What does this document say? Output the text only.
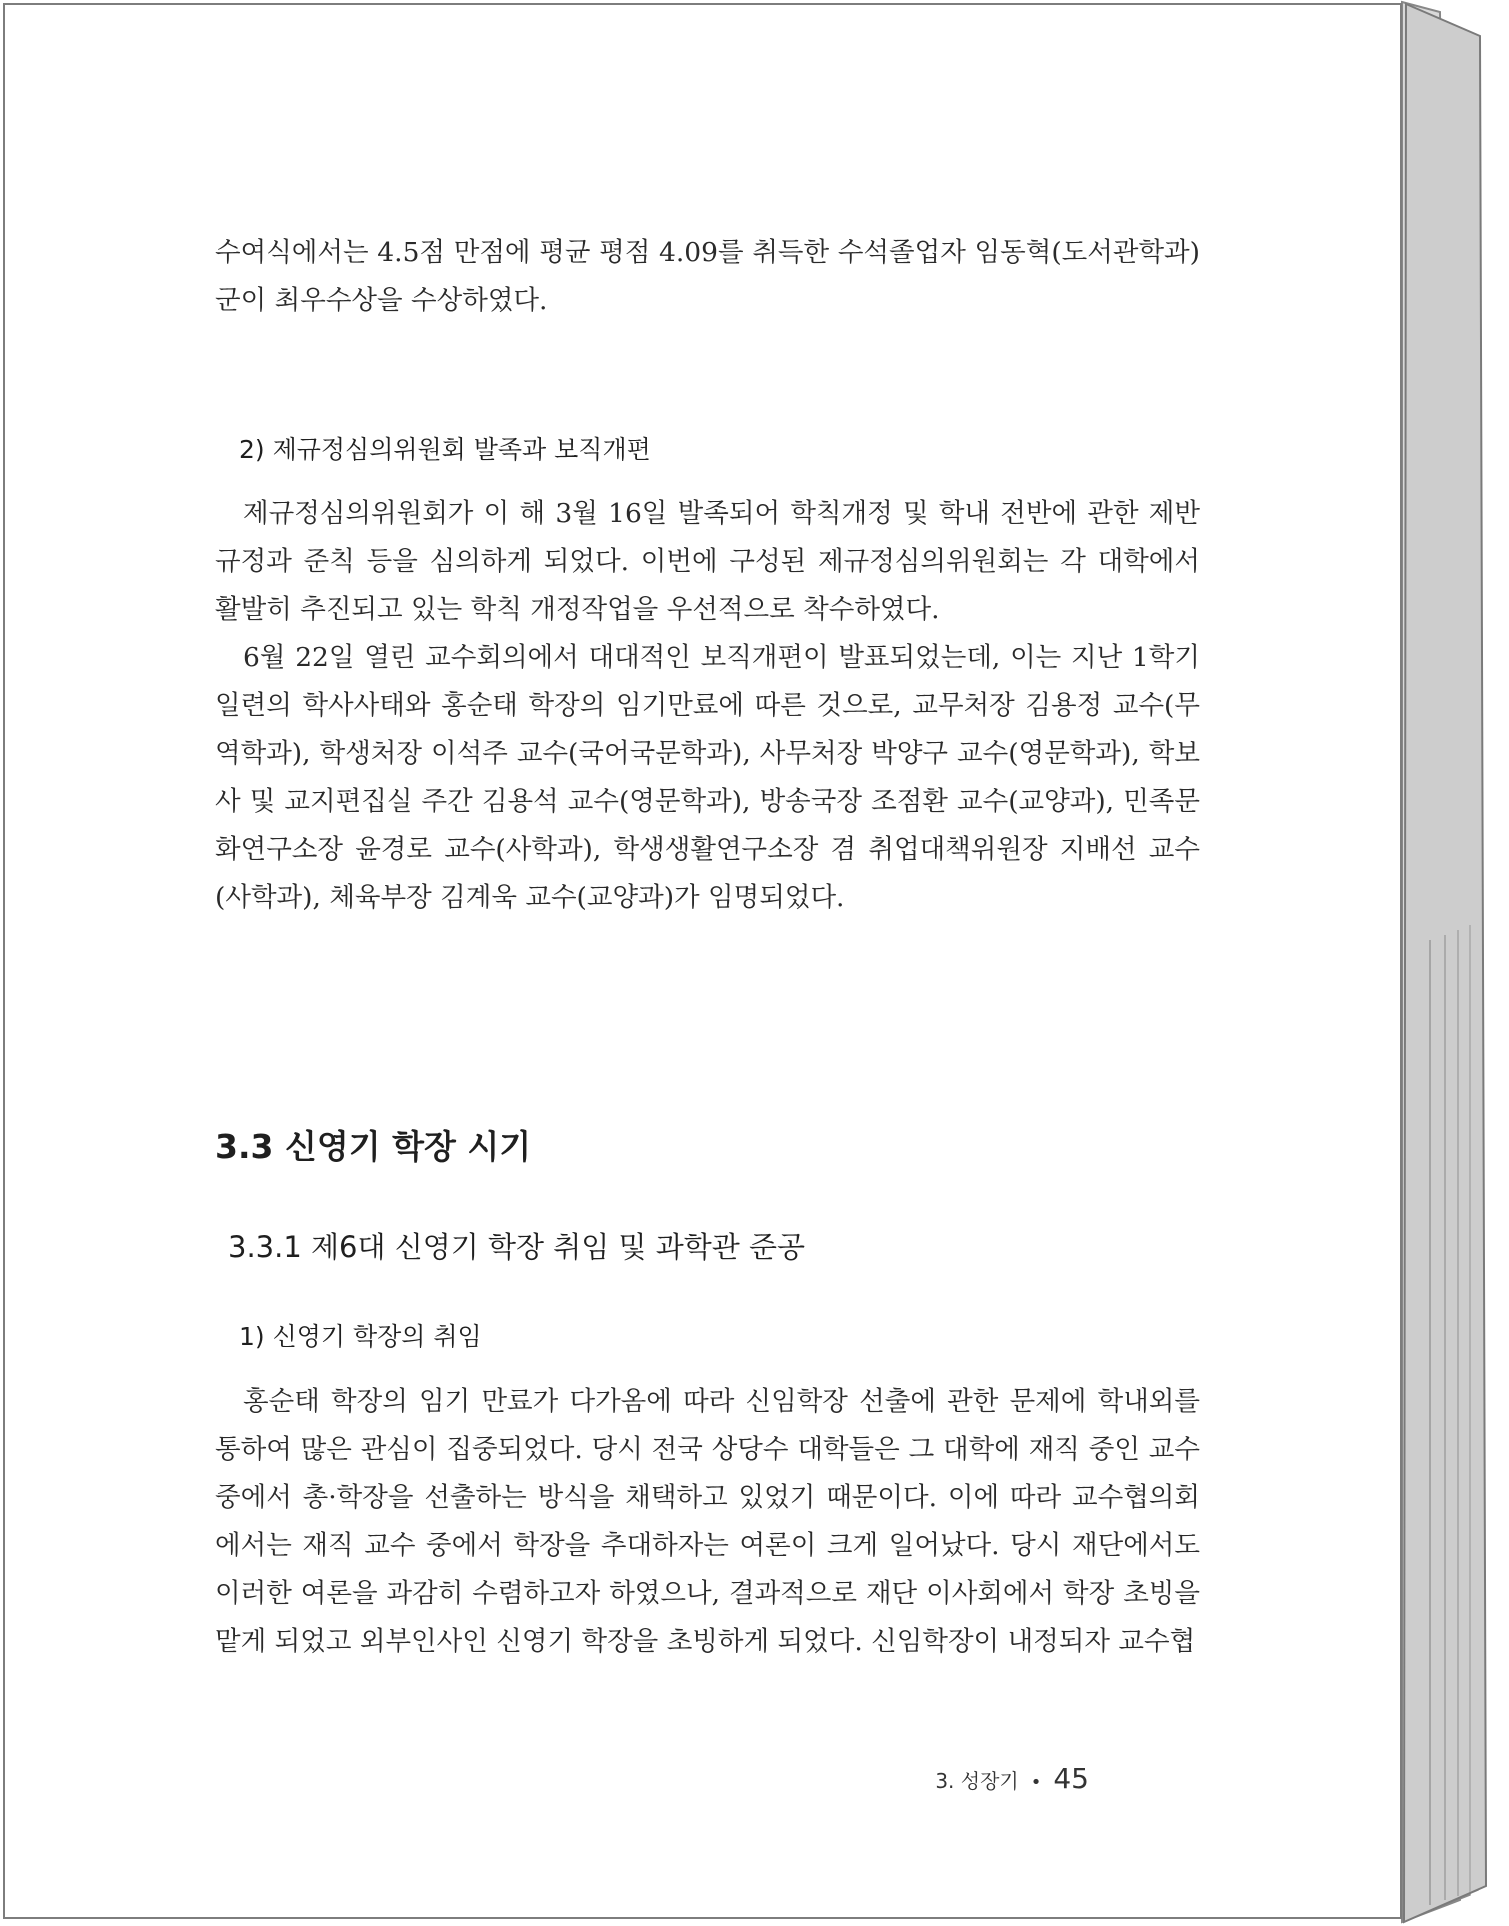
수여식에서는 4.5점 만점에 평균 평점 4.09를 취득한 수석졸업자 임동혁(도서관학과) 군이 최우수상을 수상하였다.

2) 제규정심의위원회 발족과 보직개편

제규정심의위원회가 이 해 3월 16일 발족되어 학칙개정 및 학내 전반에 관한 제반규정과 준칙 등을 심의하게 되었다. 이번에 구성된 제규정심의위원회는 각 대학에서 활발히 추진되고 있는 학칙 개정작업을 우선적으로 착수하였다.

6월 22일 열린 교수회의에서 대대적인 보직개편이 발표되었는데, 이는 지난 1학기 일련의 학사사태와 홍순태 학장의 임기만료에 따른 것으로, 교무처장 김용정 교수(무역학과), 학생처장 이석주 교수(국어국문학과), 사무처장 박양구 교수(영문학과), 학보사 및 교지편집실 주간 김용석 교수(영문학과), 방송국장 조점환 교수(교양과), 민족문화연구소장 윤경로 교수(사학과), 학생생활연구소장 겸 취업대책위원장 지배선 교수(사학과), 체육부장 김계욱 교수(교양과)가 임명되었다.

3.3 신영기 학장 시기
3.3.1 제6대 신영기 학장 취임 및 과학관 준공
1) 신영기 학장의 취임

홍순태 학장의 임기 만료가 다가옴에 따라 신임학장 선출에 관한 문제에 학내외를 통하여 많은 관심이 집중되었다. 당시 전국 상당수 대학들은 그 대학에 재직 중인 교수 중에서 총·학장을 선출하는 방식을 채택하고 있었기 때문이다. 이에 따라 교수협의회에서는 재직 교수 중에서 학장을 추대하자는 여론이 크게 일어났다. 당시 재단에서도 이러한 여론을 과감히 수렴하고자 하였으나, 결과적으로 재단 이사회에서 학장 초빙을 맡게 되었고 외부인사인 신영기 학장을 초빙하게 되었다. 신임학장이 내정되자 교수협

3. 성장기 • 45
